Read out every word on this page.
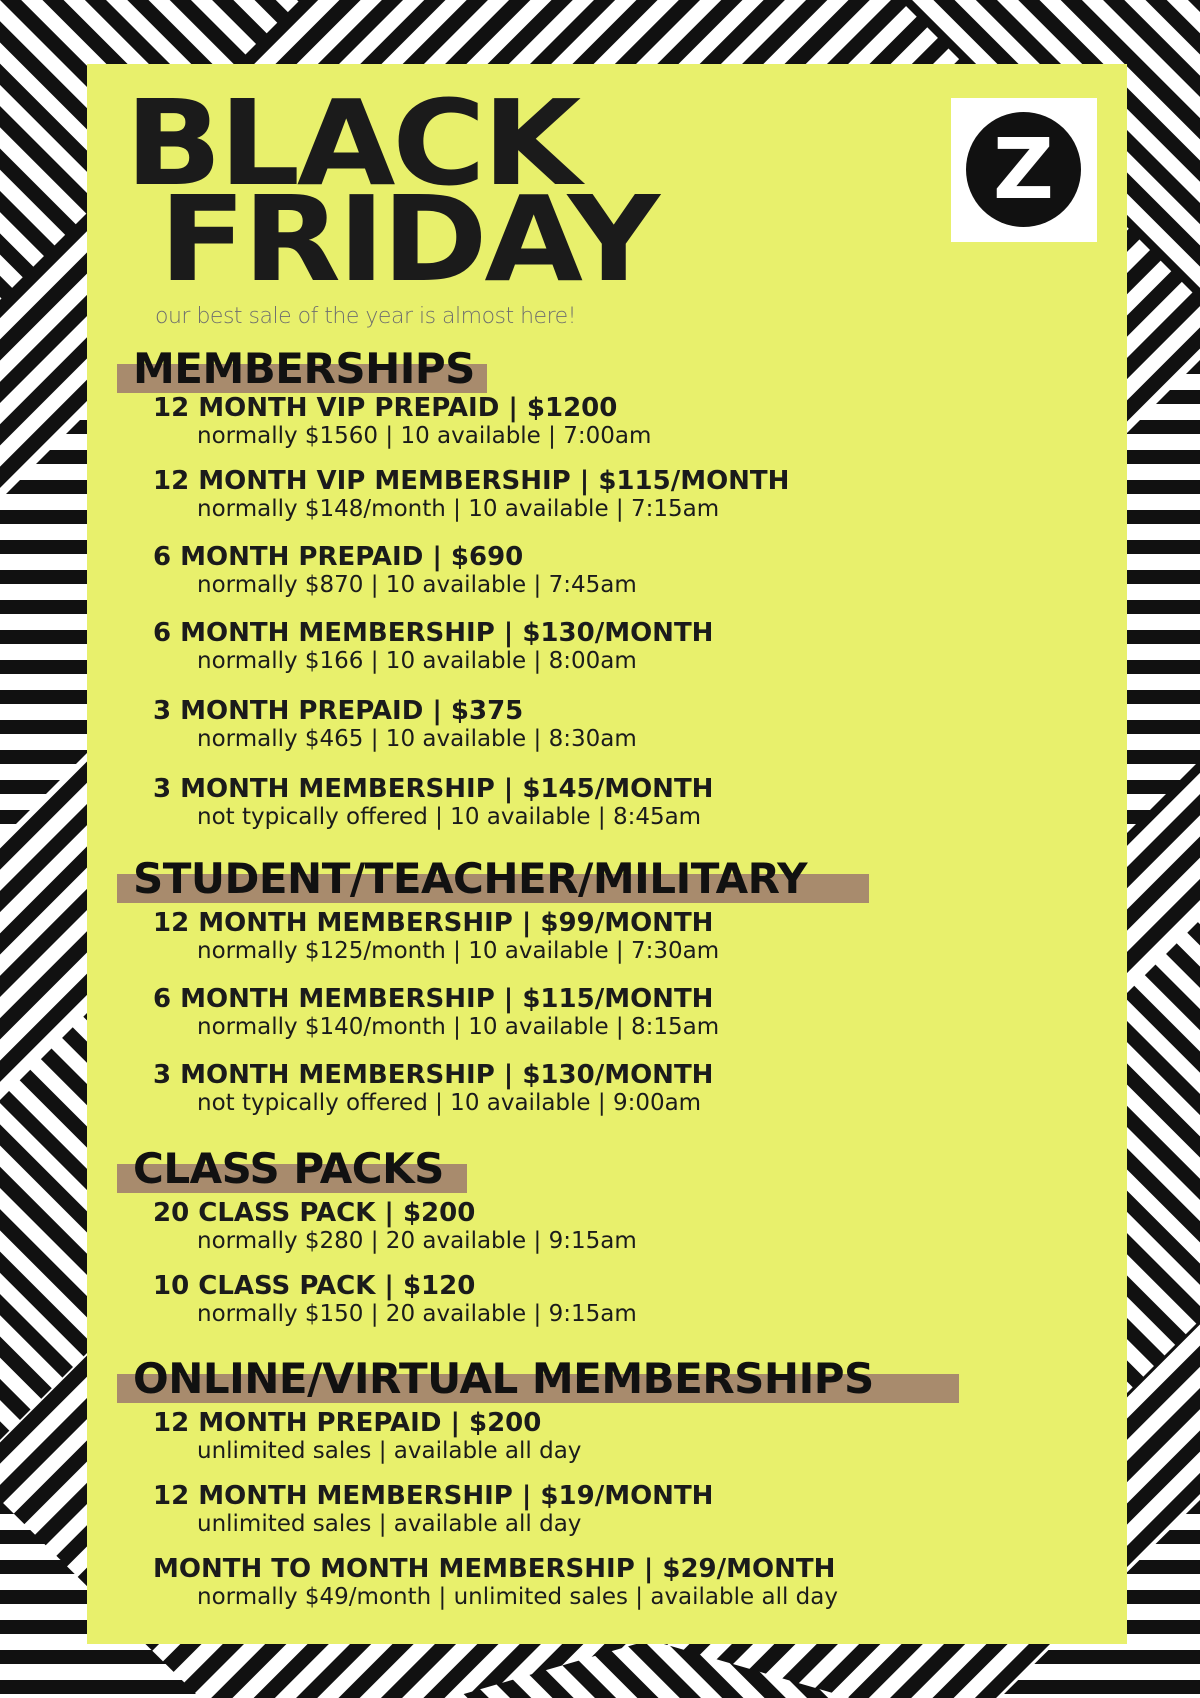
BLACK
FRIDAY

our best sale of the year is almost here!

Z
MEMBERSHIPS

12 MONTH VIP PREPAID | $1200

normally $1560 | 10 available | 7:00am

12 MONTH VIP MEMBERSHIP | $115/MONTH

normally $148/month | 10 available | 7:15am

6 MONTH PREPAID | $690

normally $870 | 10 available | 7:45am

6 MONTH MEMBERSHIP | $130/MONTH

normally $166 | 10 available | 8:00am

3 MONTH PREPAID | $375

normally $465 | 10 available | 8:30am

3 MONTH MEMBERSHIP | $145/MONTH

not typically offered | 10 available | 8:45am

STUDENT/TEACHER/MILITARY

12 MONTH MEMBERSHIP | $99/MONTH

normally $125/month | 10 available | 7:30am

6 MONTH MEMBERSHIP | $115/MONTH

normally $140/month | 10 available | 8:15am

3 MONTH MEMBERSHIP | $130/MONTH

not typically offered | 10 available | 9:00am

CLASS PACKS

20 CLASS PACK | $200

normally $280 | 20 available | 9:15am

10 CLASS PACK | $120

normally $150 | 20 available | 9:15am

ONLINE/VIRTUAL MEMBERSHIPS

12 MONTH PREPAID | $200

unlimited sales | available all day

12 MONTH MEMBERSHIP | $19/MONTH

unlimited sales | available all day

MONTH TO MONTH MEMBERSHIP | $29/MONTH

normally $49/month | unlimited sales | available all day
